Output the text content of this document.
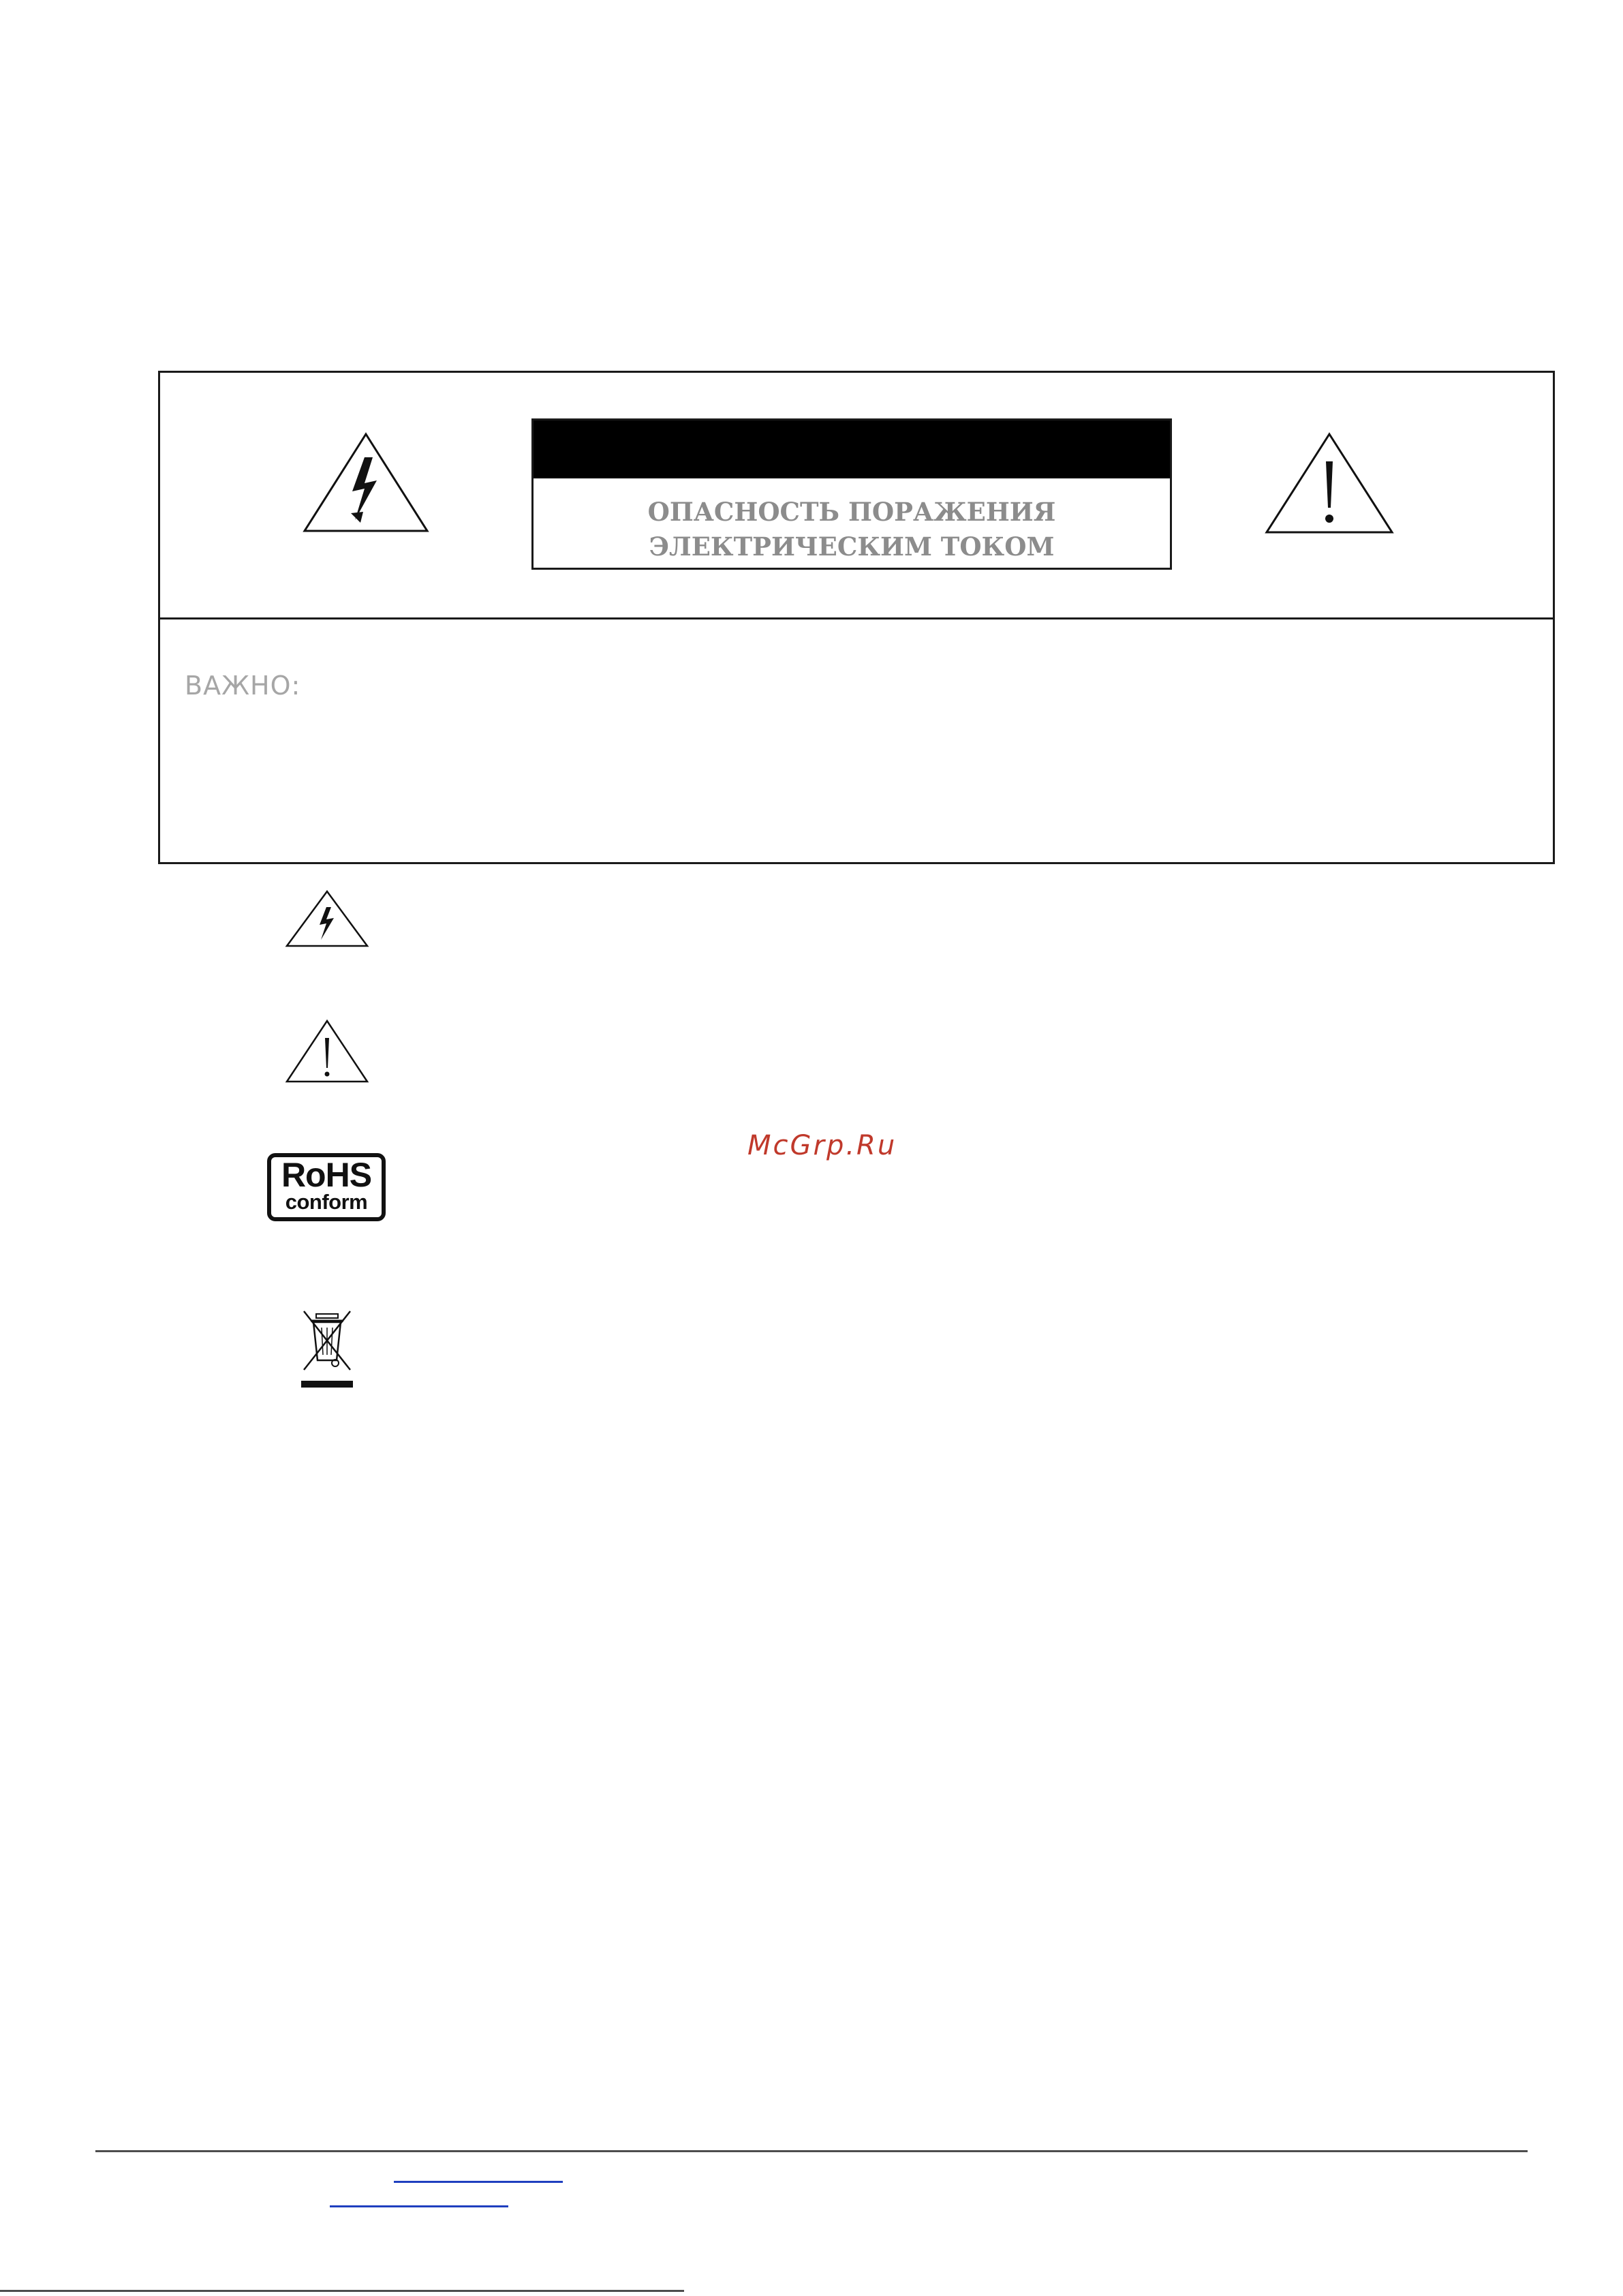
ОПАСНОСТЬ ПОРАЖЕНИЯ
ЭЛЕКТРИЧЕСКИМ ТОКОМ
ВАЖНО:
RoHS
conform
McGrp.Ru
